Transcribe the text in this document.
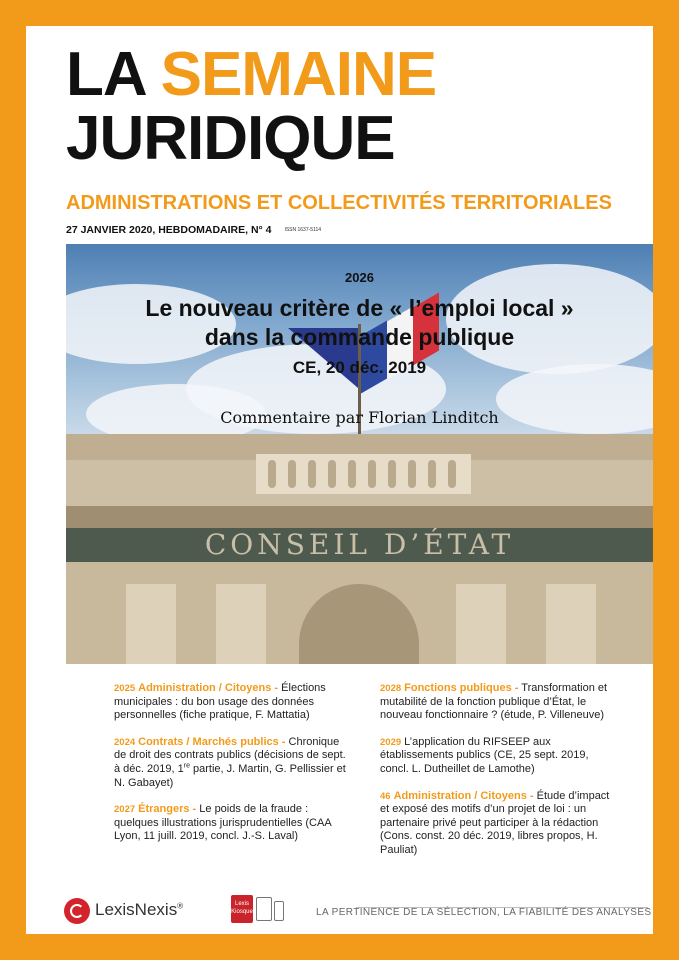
LA SEMAINE
JURIDIQUE
ADMINISTRATIONS ET COLLECTIVITÉS TERRITORIALES
27 JANVIER 2020, HEBDOMADAIRE, N° 4	ISSN 1637-5114
CONSEIL D’ÉTAT
2026
Le nouveau critère de « l’emploi local »
dans la commande publique
CE, 20 déc. 2019
Commentaire par Florian Linditch
2025 Administration / Citoyens - Élections municipales : du bon usage des données personnelles (fiche pratique, F. Mattatia)
2024 Contrats / Marchés publics - Chronique de droit des contrats publics (décisions de sept. à déc. 2019, 1re partie, J. Martin, G. Pellissier et N. Gabayet)
2027 Étrangers - Le poids de la fraude : quelques illustrations jurisprudentielles (CAA Lyon, 11 juill. 2019, concl. J.-S. Laval)
2028 Fonctions publiques - Transformation et mutabilité de la fonction publique d’État, le nouveau fonctionnaire ? (étude, P. Villeneuve)
2029 L’application du RIFSEEP aux établissements publics (CE, 25 sept. 2019, concl. L. Dutheillet de Lamothe)
46 Administration / Citoyens - Étude d’impact et exposé des motifs d’un projet de loi : un partenaire privé peut participer à la rédaction (Cons. const. 20 déc. 2019, libres propos, H. Pauliat)
LexisNexis®	Lexis
Kiosque	LA PERTINENCE DE LA SÉLECTION, LA FIABILITÉ DES ANALYSES
